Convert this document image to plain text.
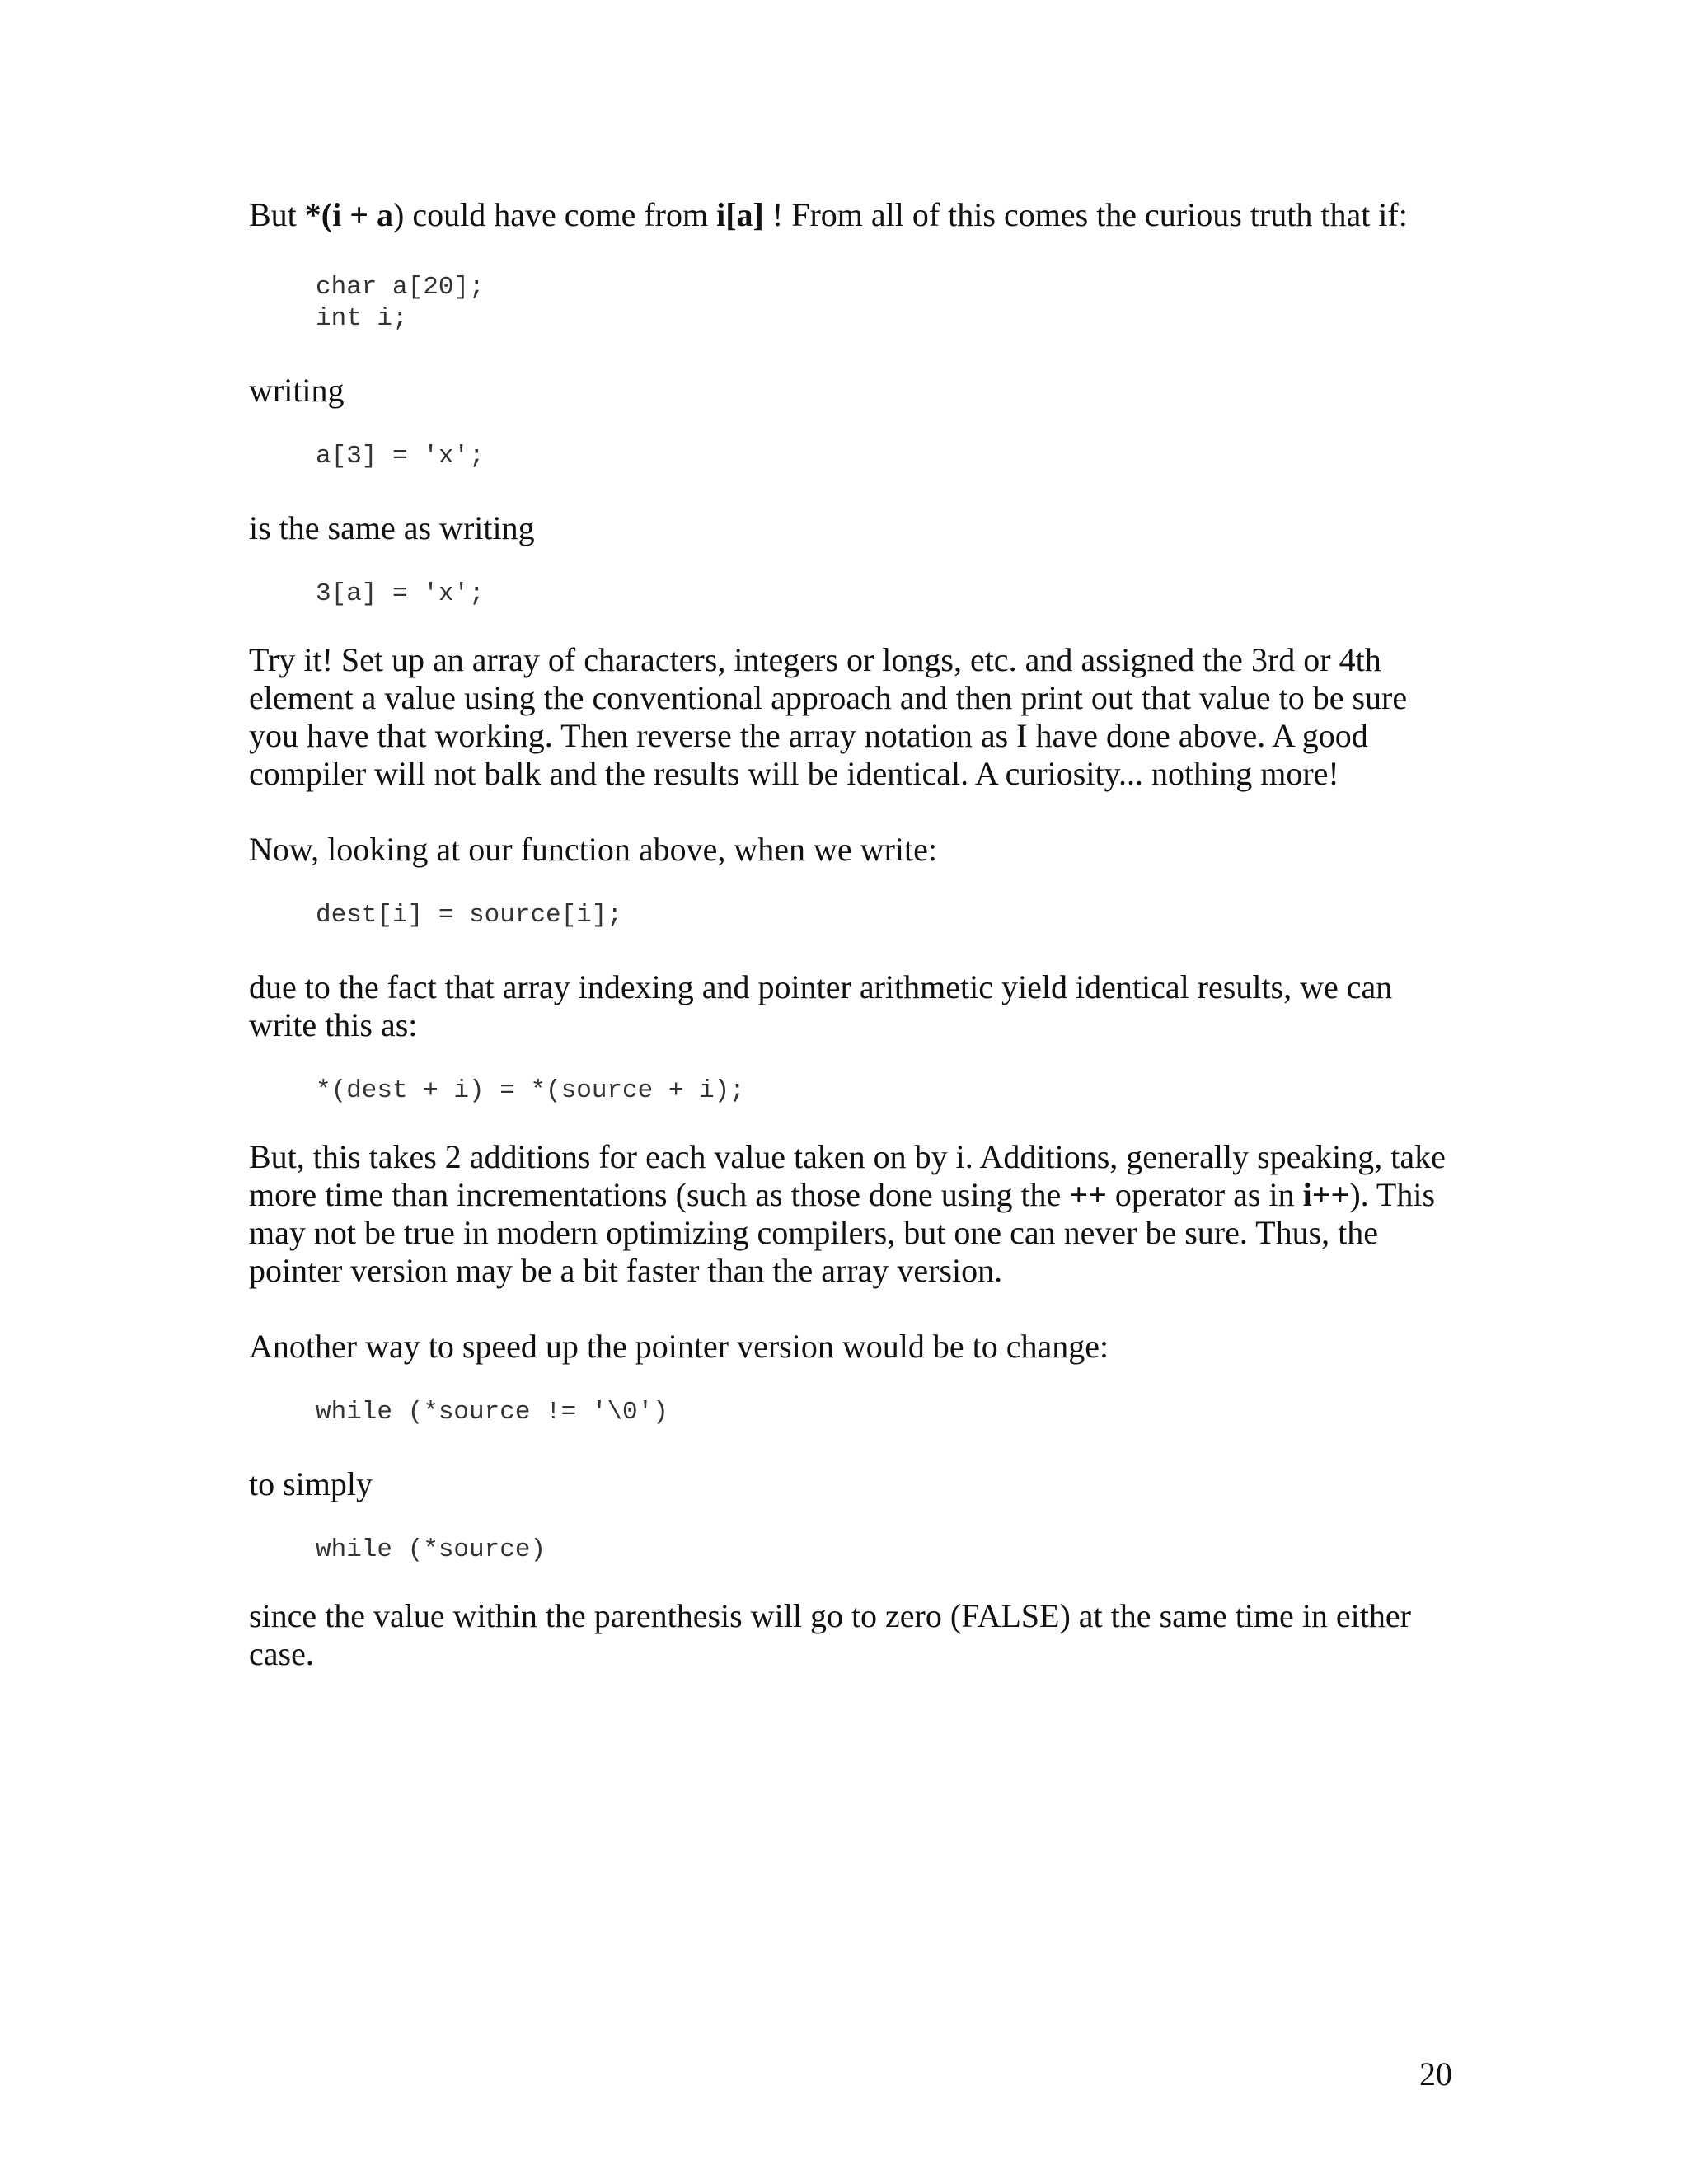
But *(i + a) could have come from i[a] ! From all of this comes the curious truth that if:

char a[20];
int i;

writing

a[3] = 'x';

is the same as writing

3[a] = 'x';

Try it! Set up an array of characters, integers or longs, etc. and assigned the 3rd or 4th element a value using the conventional approach and then print out that value to be sure you have that working. Then reverse the array notation as I have done above. A good compiler will not balk and the results will be identical. A curiosity... nothing more!

Now, looking at our function above, when we write:

dest[i] = source[i];

due to the fact that array indexing and pointer arithmetic yield identical results, we can write this as:

*(dest + i) = *(source + i);

But, this takes 2 additions for each value taken on by i. Additions, generally speaking, take more time than incrementations (such as those done using the ++ operator as in i++). This may not be true in modern optimizing compilers, but one can never be sure. Thus, the pointer version may be a bit faster than the array version.

Another way to speed up the pointer version would be to change:

while (*source != '\0')

to simply

while (*source)

since the value within the parenthesis will go to zero (FALSE) at the same time in either case.

20
